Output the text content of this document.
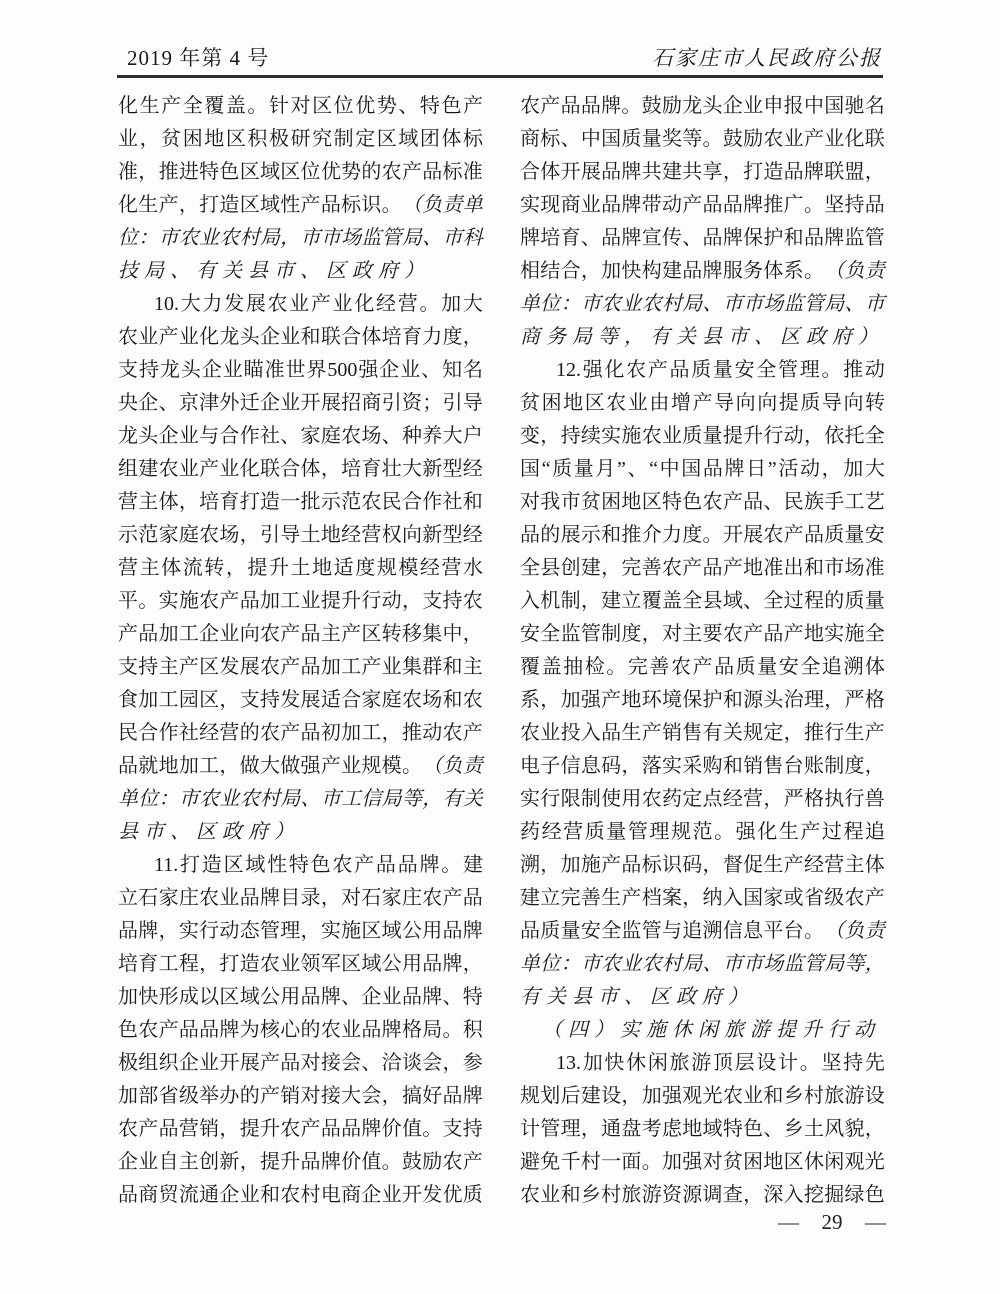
2019 年第 4 号	石家庄市人民政府公报
化 生 产 全 覆 盖 。 针 对 区 位 优 势 、 特 色 产
业 ， 贫 困 地 区 积 极 研 究 制 定 区 域 团 体 标
准 ， 推 进 特 色 区 域 区 位 优 势 的 农 产 品 标 准
化 生 产 ， 打 造 区 域 性 产 品 标 识 。 （ 负 责 单
位 ： 市 农 业 农 村 局 ， 市 市 场 监 管 局 、 市 科
技 局 、 有 关 县 市 、 区 政 府 ）
10. 大 力 发 展 农 业 产 业 化 经 营 。 加 大
农 业 产 业 化 龙 头 企 业 和 联 合 体 培 育 力 度 ，
支 持 龙 头 企 业 瞄 准 世 界 500 强 企 业 、 知 名
央 企 、 京 津 外 迁 企 业 开 展 招 商 引 资 ； 引 导
龙 头 企 业 与 合 作 社 、 家 庭 农 场 、 种 养 大 户
组 建 农 业 产 业 化 联 合 体 ， 培 育 壮 大 新 型 经
营 主 体 ， 培 育 打 造 一 批 示 范 农 民 合 作 社 和
示 范 家 庭 农 场 ， 引 导 土 地 经 营 权 向 新 型 经
营 主 体 流 转 ， 提 升 土 地 适 度 规 模 经 营 水
平 。 实 施 农 产 品 加 工 业 提 升 行 动 ， 支 持 农
产 品 加 工 企 业 向 农 产 品 主 产 区 转 移 集 中 ，
支 持 主 产 区 发 展 农 产 品 加 工 产 业 集 群 和 主
食 加 工 园 区 ， 支 持 发 展 适 合 家 庭 农 场 和 农
民 合 作 社 经 营 的 农 产 品 初 加 工 ， 推 动 农 产
品 就 地 加 工 ， 做 大 做 强 产 业 规 模 。 （ 负 责
单 位 ： 市 农 业 农 村 局 、 市 工 信 局 等 ， 有 关
县 市 、 区 政 府 ）
11. 打 造 区 域 性 特 色 农 产 品 品 牌 。 建
立 石 家 庄 农 业 品 牌 目 录 ， 对 石 家 庄 农 产 品
品 牌 ， 实 行 动 态 管 理 ， 实 施 区 域 公 用 品 牌
培 育 工 程 ， 打 造 农 业 领 军 区 域 公 用 品 牌 ，
加 快 形 成 以 区 域 公 用 品 牌 、 企 业 品 牌 、 特
色 农 产 品 品 牌 为 核 心 的 农 业 品 牌 格 局 。 积
极 组 织 企 业 开 展 产 品 对 接 会 、 洽 谈 会 ， 参
加 部 省 级 举 办 的 产 销 对 接 大 会 ， 搞 好 品 牌
农 产 品 营 销 ， 提 升 农 产 品 品 牌 价 值 。 支 持
企 业 自 主 创 新 ， 提 升 品 牌 价 值 。 鼓 励 农 产
品 商 贸 流 通 企 业 和 农 村 电 商 企 业 开 发 优 质
农 产 品 品 牌 。 鼓 励 龙 头 企 业 申 报 中 国 驰 名
商 标 、 中 国 质 量 奖 等 。 鼓 励 农 业 产 业 化 联
合 体 开 展 品 牌 共 建 共 享 ， 打 造 品 牌 联 盟 ，
实 现 商 业 品 牌 带 动 产 品 品 牌 推 广 。 坚 持 品
牌 培 育 、 品 牌 宣 传 、 品 牌 保 护 和 品 牌 监 管
相 结 合 ， 加 快 构 建 品 牌 服 务 体 系 。 （ 负 责
单 位 ： 市 农 业 农 村 局 、 市 市 场 监 管 局 、 市
商 务 局 等 ， 有 关 县 市 、 区 政 府 ）
12. 强 化 农 产 品 质 量 安 全 管 理 。 推 动
贫 困 地 区 农 业 由 增 产 导 向 向 提 质 导 向 转
变 ， 持 续 实 施 农 业 质 量 提 升 行 动 ， 依 托 全
国 “ 质 量 月 ” 、 “ 中 国 品 牌 日 ” 活 动 ， 加 大
对 我 市 贫 困 地 区 特 色 农 产 品 、 民 族 手 工 艺
品 的 展 示 和 推 介 力 度 。 开 展 农 产 品 质 量 安
全 县 创 建 ， 完 善 农 产 品 产 地 准 出 和 市 场 准
入 机 制 ， 建 立 覆 盖 全 县 域 、 全 过 程 的 质 量
安 全 监 管 制 度 ， 对 主 要 农 产 品 产 地 实 施 全
覆 盖 抽 检 。 完 善 农 产 品 质 量 安 全 追 溯 体
系 ， 加 强 产 地 环 境 保 护 和 源 头 治 理 ， 严 格
农 业 投 入 品 生 产 销 售 有 关 规 定 ， 推 行 生 产
电 子 信 息 码 ， 落 实 采 购 和 销 售 台 账 制 度 ，
实 行 限 制 使 用 农 药 定 点 经 营 ， 严 格 执 行 兽
药 经 营 质 量 管 理 规 范 。 强 化 生 产 过 程 追
溯 ， 加 施 产 品 标 识 码 ， 督 促 生 产 经 营 主 体
建 立 完 善 生 产 档 案 ， 纳 入 国 家 或 省 级 农 产
品 质 量 安 全 监 管 与 追 溯 信 息 平 台 。 （ 负 责
单 位 ： 市 农 业 农 村 局 、 市 市 场 监 管 局 等 ，
有 关 县 市 、 区 政 府 ）
（ 四 ） 实 施 休 闲 旅 游 提 升 行 动
13. 加 快 休 闲 旅 游 顶 层 设 计 。 坚 持 先
规 划 后 建 设 ， 加 强 观 光 农 业 和 乡 村 旅 游 设
计 管 理 ， 通 盘 考 虑 地 域 特 色 、 乡 土 风 貌 ，
避 免 千 村 一 面 。 加 强 对 贫 困 地 区 休 闲 观 光
农 业 和 乡 村 旅 游 资 源 调 查 ， 深 入 挖 掘 绿 色
— 29 —
